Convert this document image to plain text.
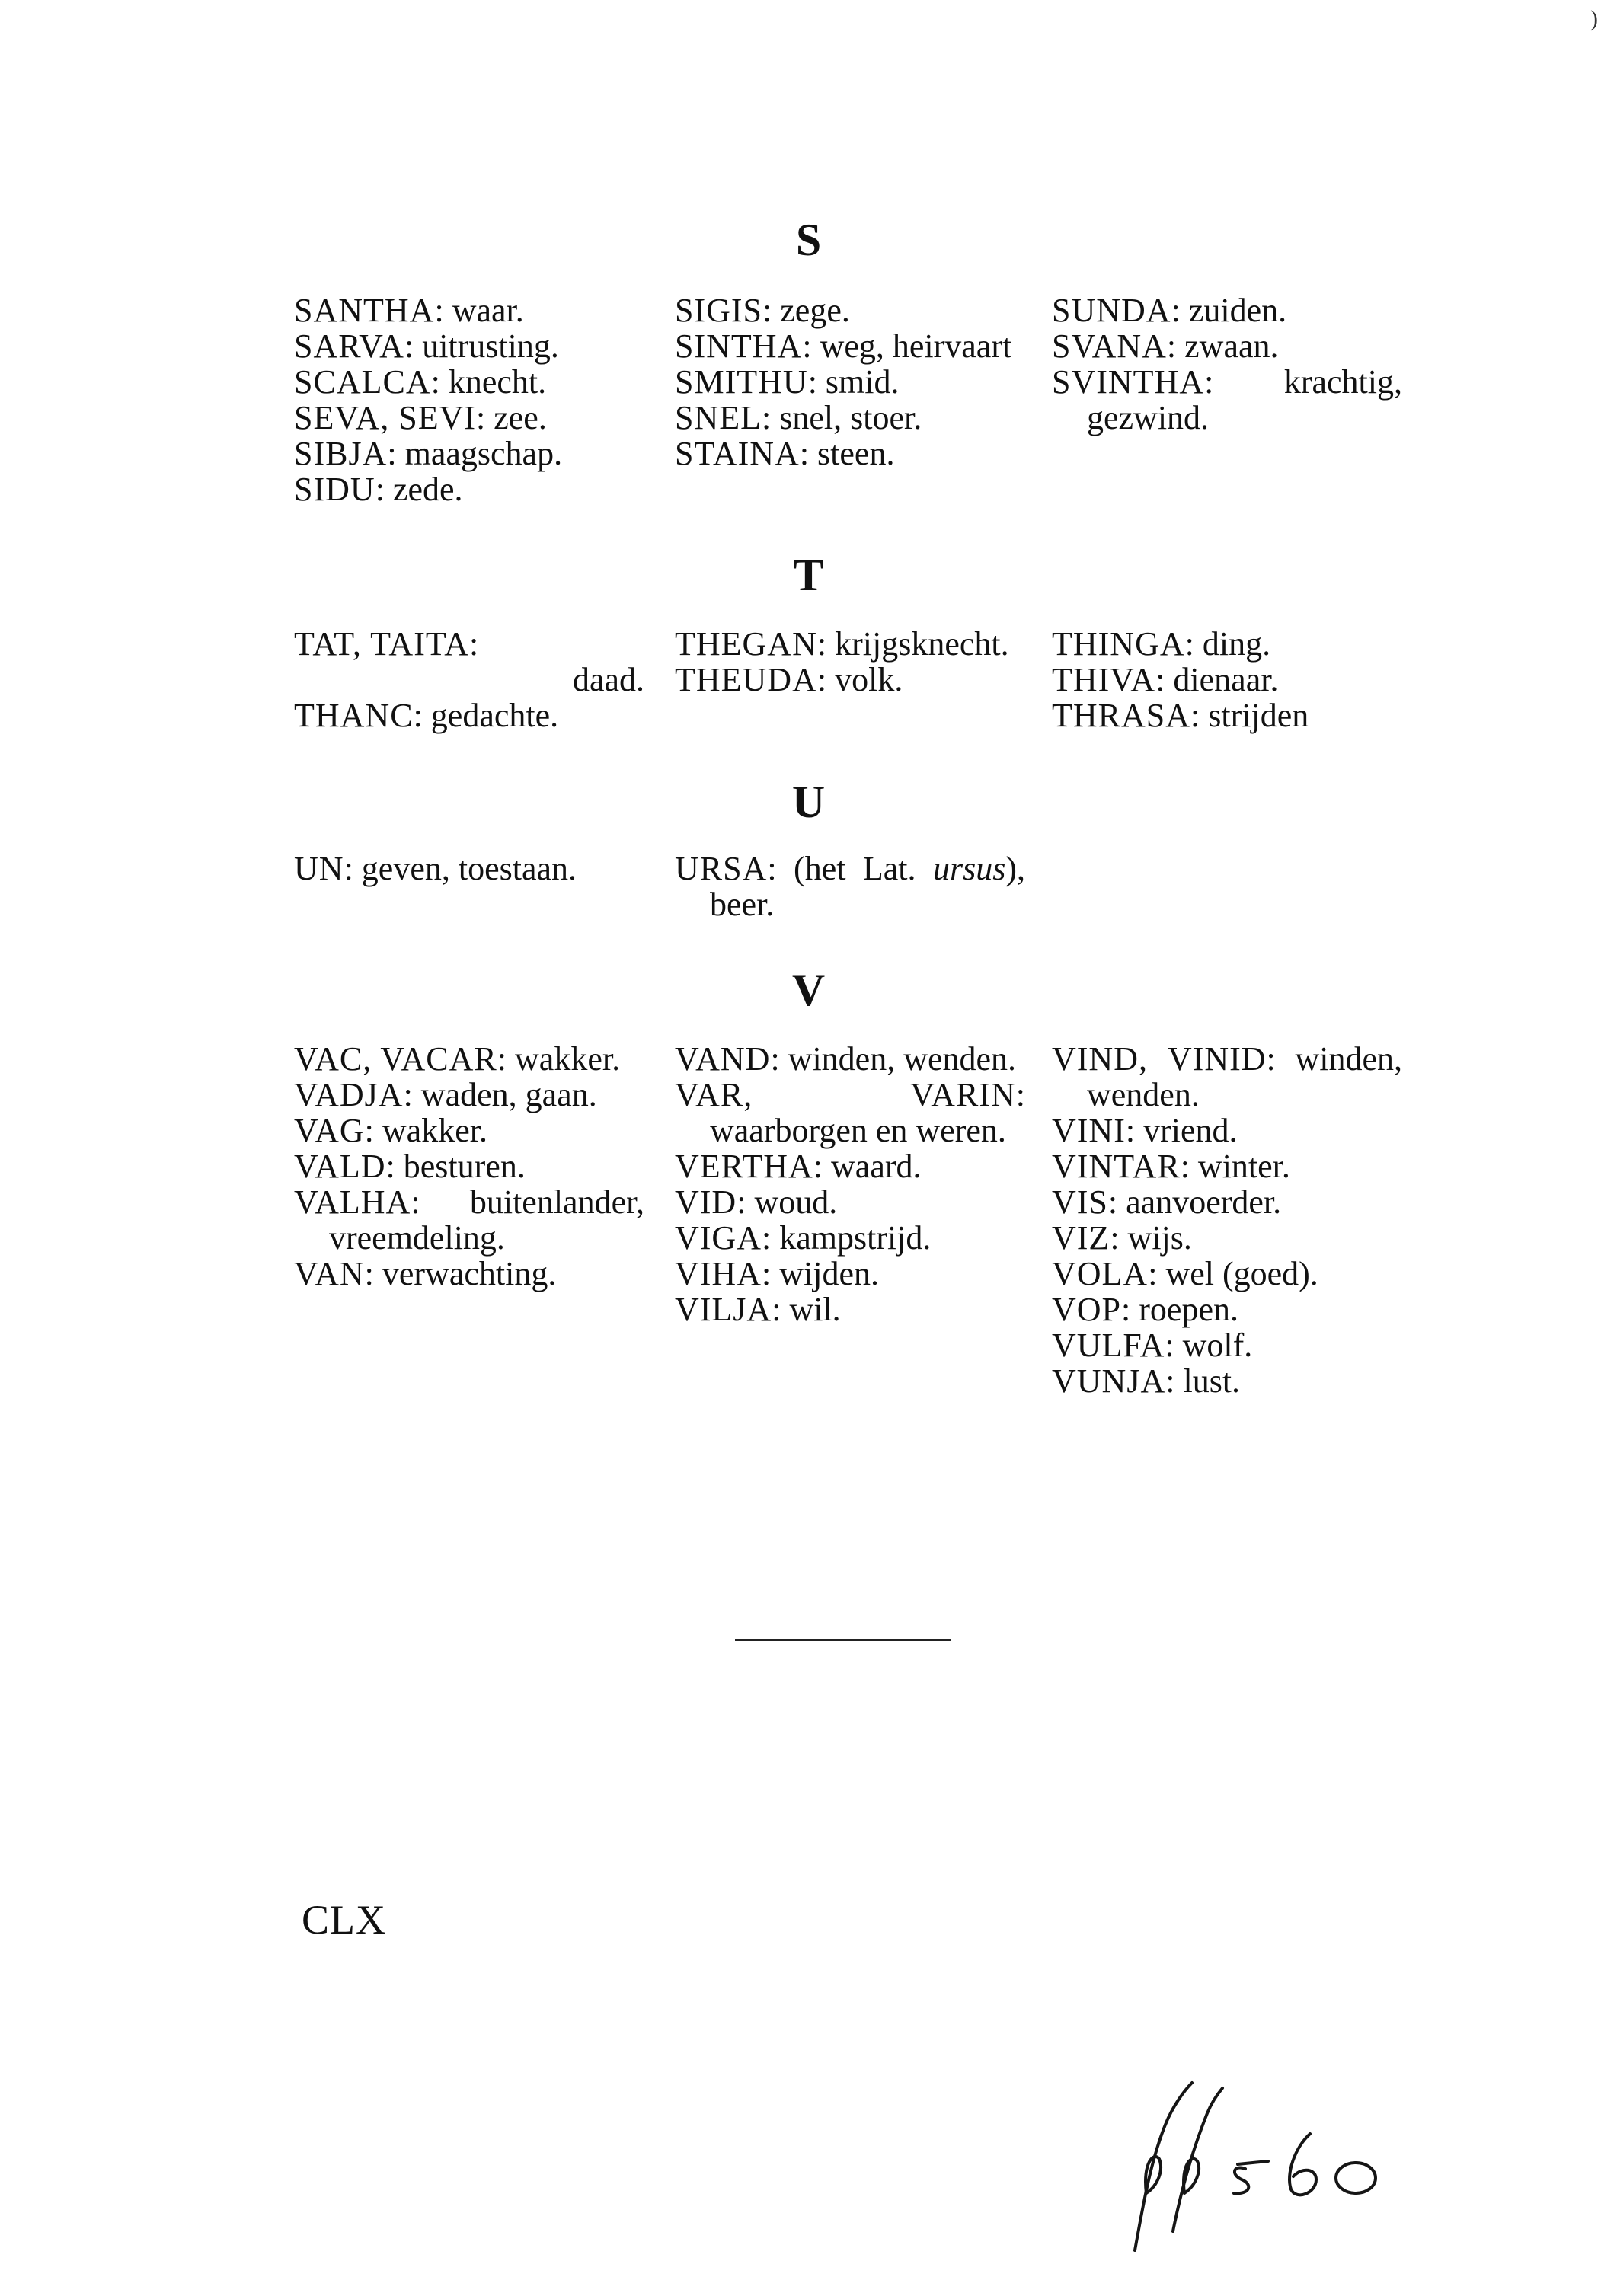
)
S
SANTHA: waar.
SARVA: uitrusting.
SCALCA: knecht.
SEVA, SEVI: zee.
SIBJA: maagschap.
SIDU: zede.
SIGIS: zege.
SINTHA: weg, heirvaart
SMITHU: smid.
SNEL: snel, stoer.
STAINA: steen.
SUNDA: zuiden.
SVANA: zwaan.
SVINTHA: krachtig, gezwind.
T
TAT, TAITA:
daad.
THANC: gedachte.
THEGAN: krijgsknecht.
THEUDA: volk.
THINGA: ding.
THIVA: dienaar.
THRASA: strijden
U
UN: geven, toestaan.	URSA: (het Lat. ursus), beer.
V
VAC, VACAR: wakker.
VADJA: waden, gaan.
VAG: wakker.
VALD: besturen.
VALHA: buitenlander, vreemdeling.
VAN: verwachting.
VAND: winden, wenden.
VAR, VARIN: waarborgen en weren.
VERTHA: waard.
VID: woud.
VIGA: kampstrijd.
VIHA: wijden.
VILJA: wil.
VIND, VINID: winden, wenden.
VINI: vriend.
VINTAR: winter.
VIS: aanvoerder.
VIZ: wijs.
VOLA: wel (goed).
VOP: roepen.
VULFA: wolf.
VUNJA: lust.
CLX
